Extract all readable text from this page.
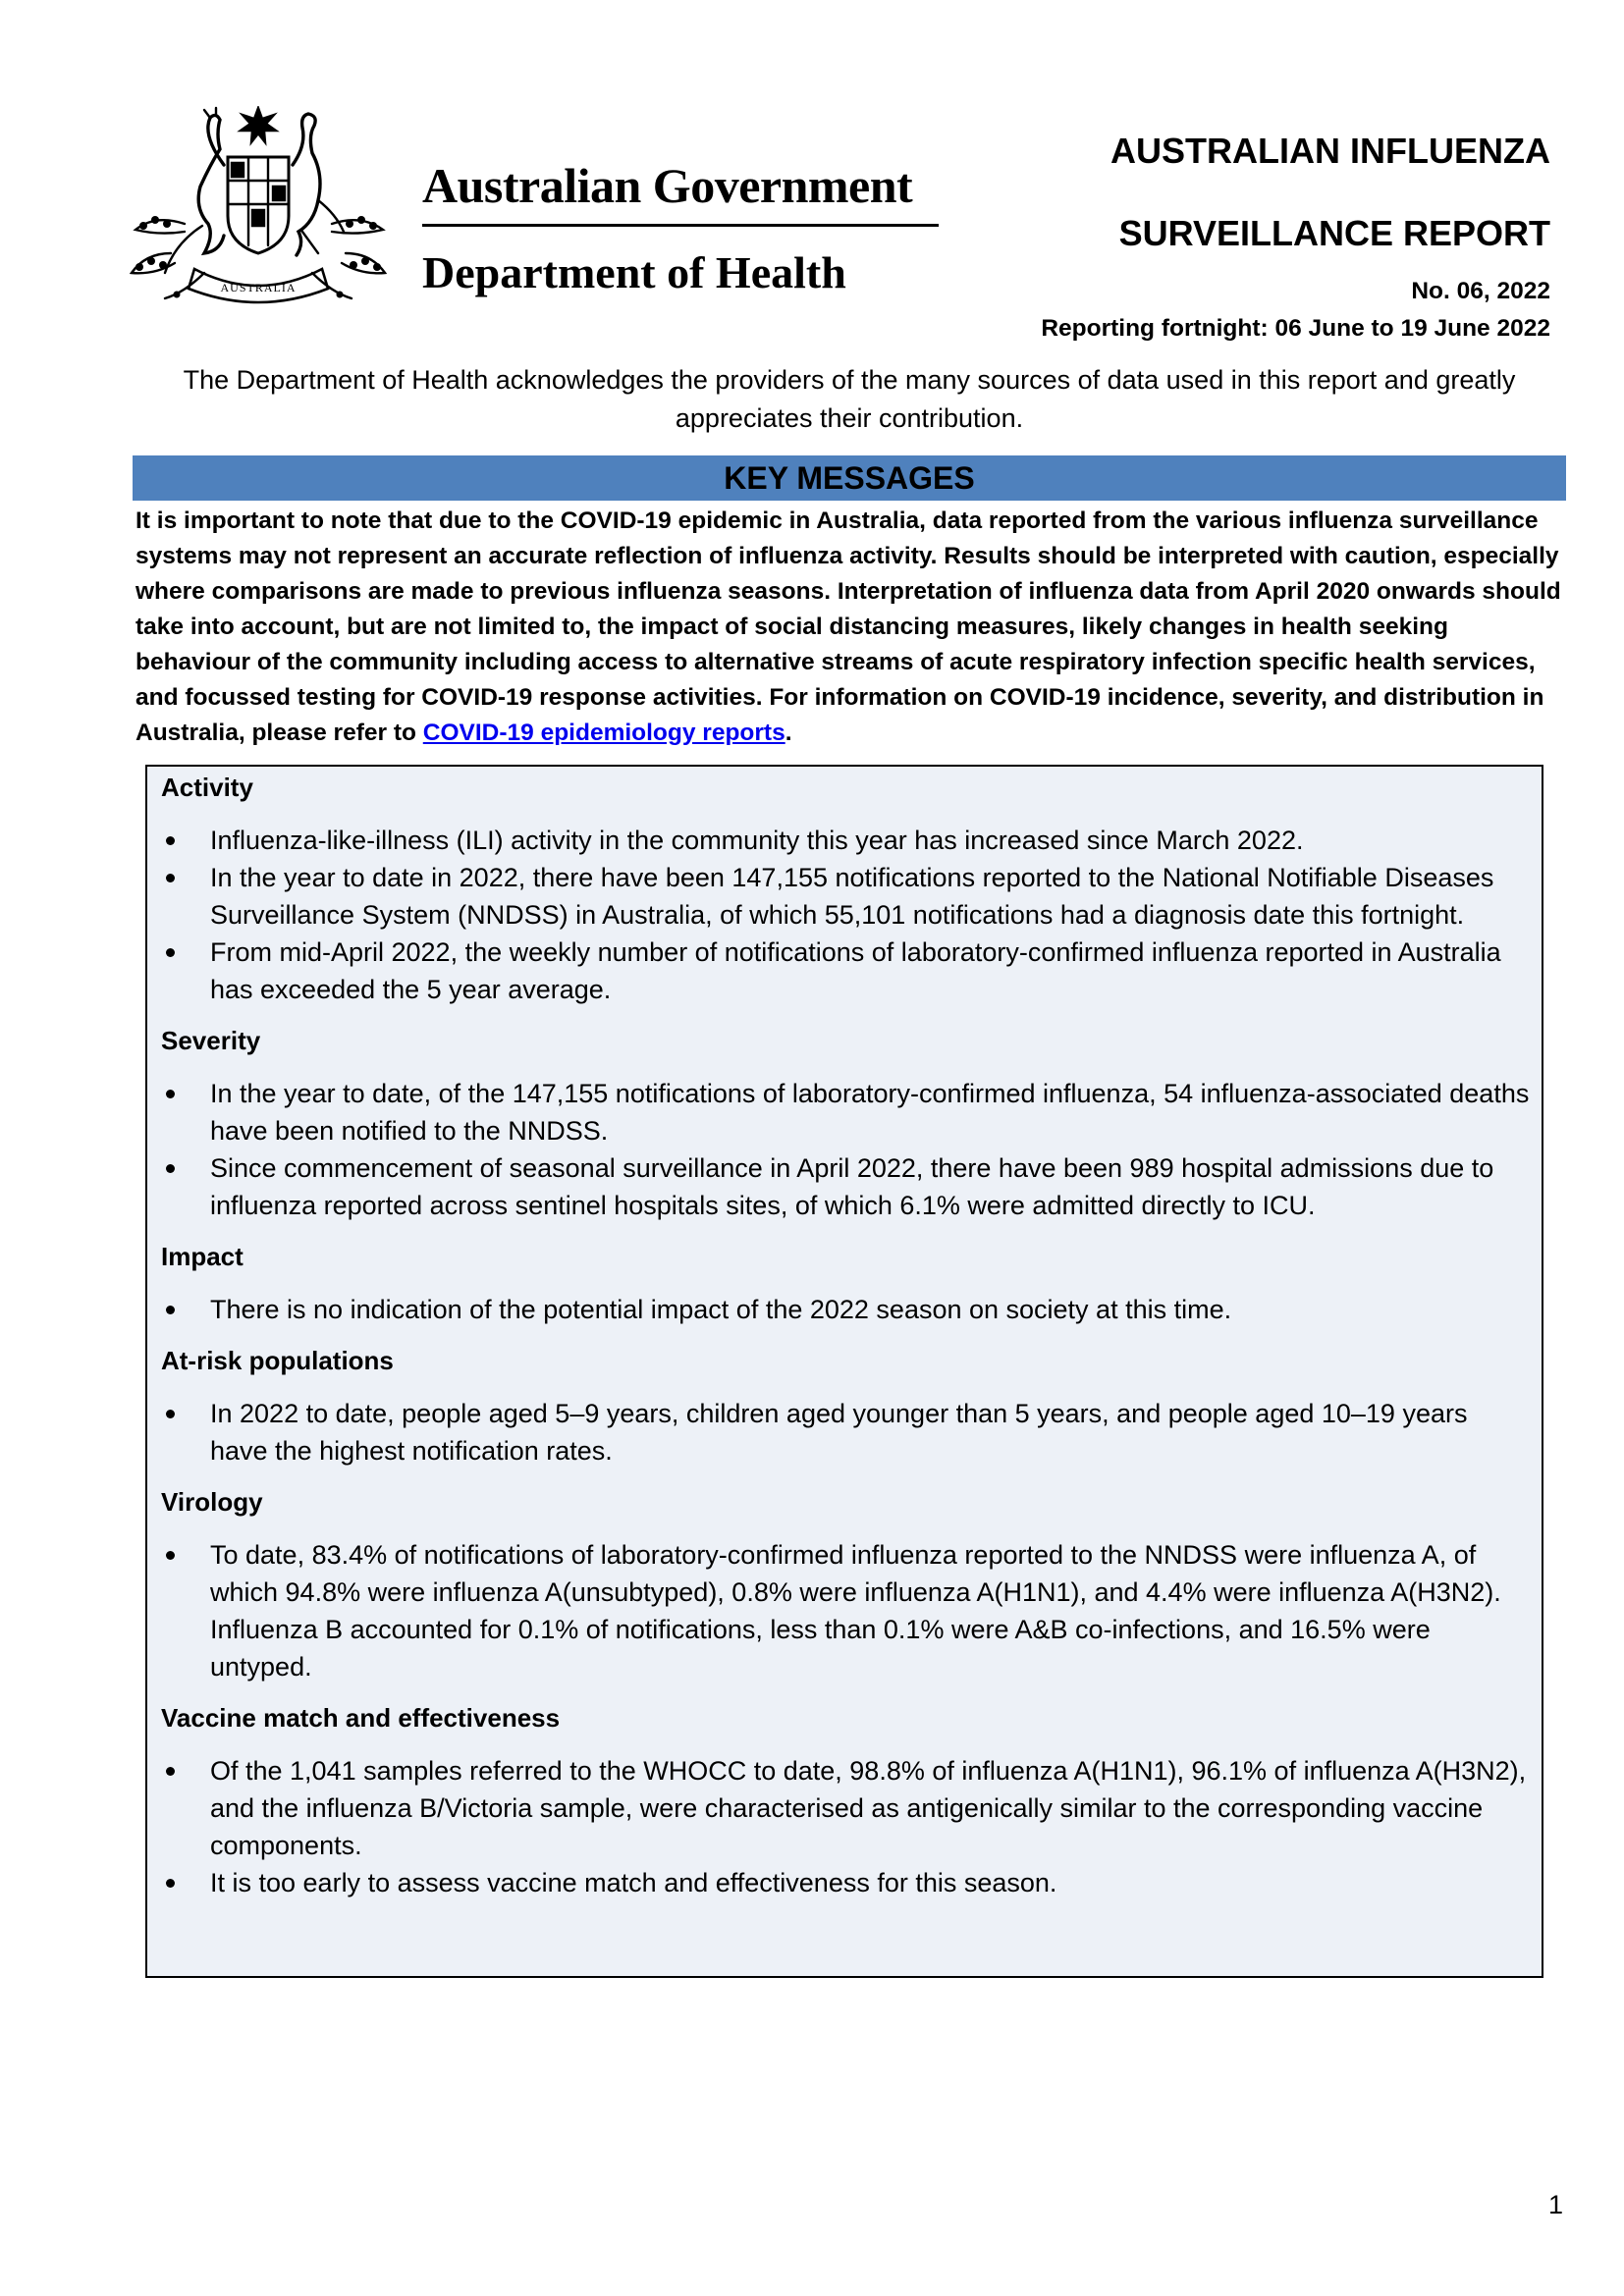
AUSTRALIA
Australian Government
Department of Health
AUSTRALIAN INFLUENZA
SURVEILLANCE REPORT
No. 06, 2022
Reporting fortnight: 06 June to 19 June 2022
The Department of Health acknowledges the providers of the many sources of data used in this report and greatly appreciates their contribution.
KEY MESSAGES
It is important to note that due to the COVID-19 epidemic in Australia, data reported from the various influenza surveillance systems may not represent an accurate reflection of influenza activity. Results should be interpreted with caution, especially where comparisons are made to previous influenza seasons. Interpretation of influenza data from April 2020 onwards should take into account, but are not limited to, the impact of social distancing measures, likely changes in health seeking behaviour of the community including access to alternative streams of acute respiratory infection specific health services, and focussed testing for COVID-19 response activities. For information on COVID-19 incidence, severity, and distribution in Australia, please refer to COVID-19 epidemiology reports.
Activity
Influenza-like-illness (ILI) activity in the community this year has increased since March 2022.
In the year to date in 2022, there have been 147,155 notifications reported to the National Notifiable Diseases Surveillance System (NNDSS) in Australia, of which 55,101 notifications had a diagnosis date this fortnight.
From mid-April 2022, the weekly number of notifications of laboratory-confirmed influenza reported in Australia has exceeded the 5 year average.
Severity
In the year to date, of the 147,155 notifications of laboratory-confirmed influenza, 54 influenza-associated deaths have been notified to the NNDSS.
Since commencement of seasonal surveillance in April 2022, there have been 989 hospital admissions due to influenza reported across sentinel hospitals sites, of which 6.1% were admitted directly to ICU.
Impact
There is no indication of the potential impact of the 2022 season on society at this time.
At-risk populations
In 2022 to date, people aged 5–9 years, children aged younger than 5 years, and people aged 10–19 years have the highest notification rates.
Virology
To date, 83.4% of notifications of laboratory-confirmed influenza reported to the NNDSS were influenza A, of which 94.8% were influenza A(unsubtyped), 0.8% were influenza A(H1N1), and 4.4% were influenza A(H3N2). Influenza B accounted for 0.1% of notifications, less than 0.1% were A&B co-infections, and 16.5% were untyped.
Vaccine match and effectiveness
Of the 1,041 samples referred to the WHOCC to date, 98.8% of influenza A(H1N1), 96.1% of influenza A(H3N2), and the influenza B/Victoria sample, were characterised as antigenically similar to the corresponding vaccine components.
It is too early to assess vaccine match and effectiveness for this season.
1
